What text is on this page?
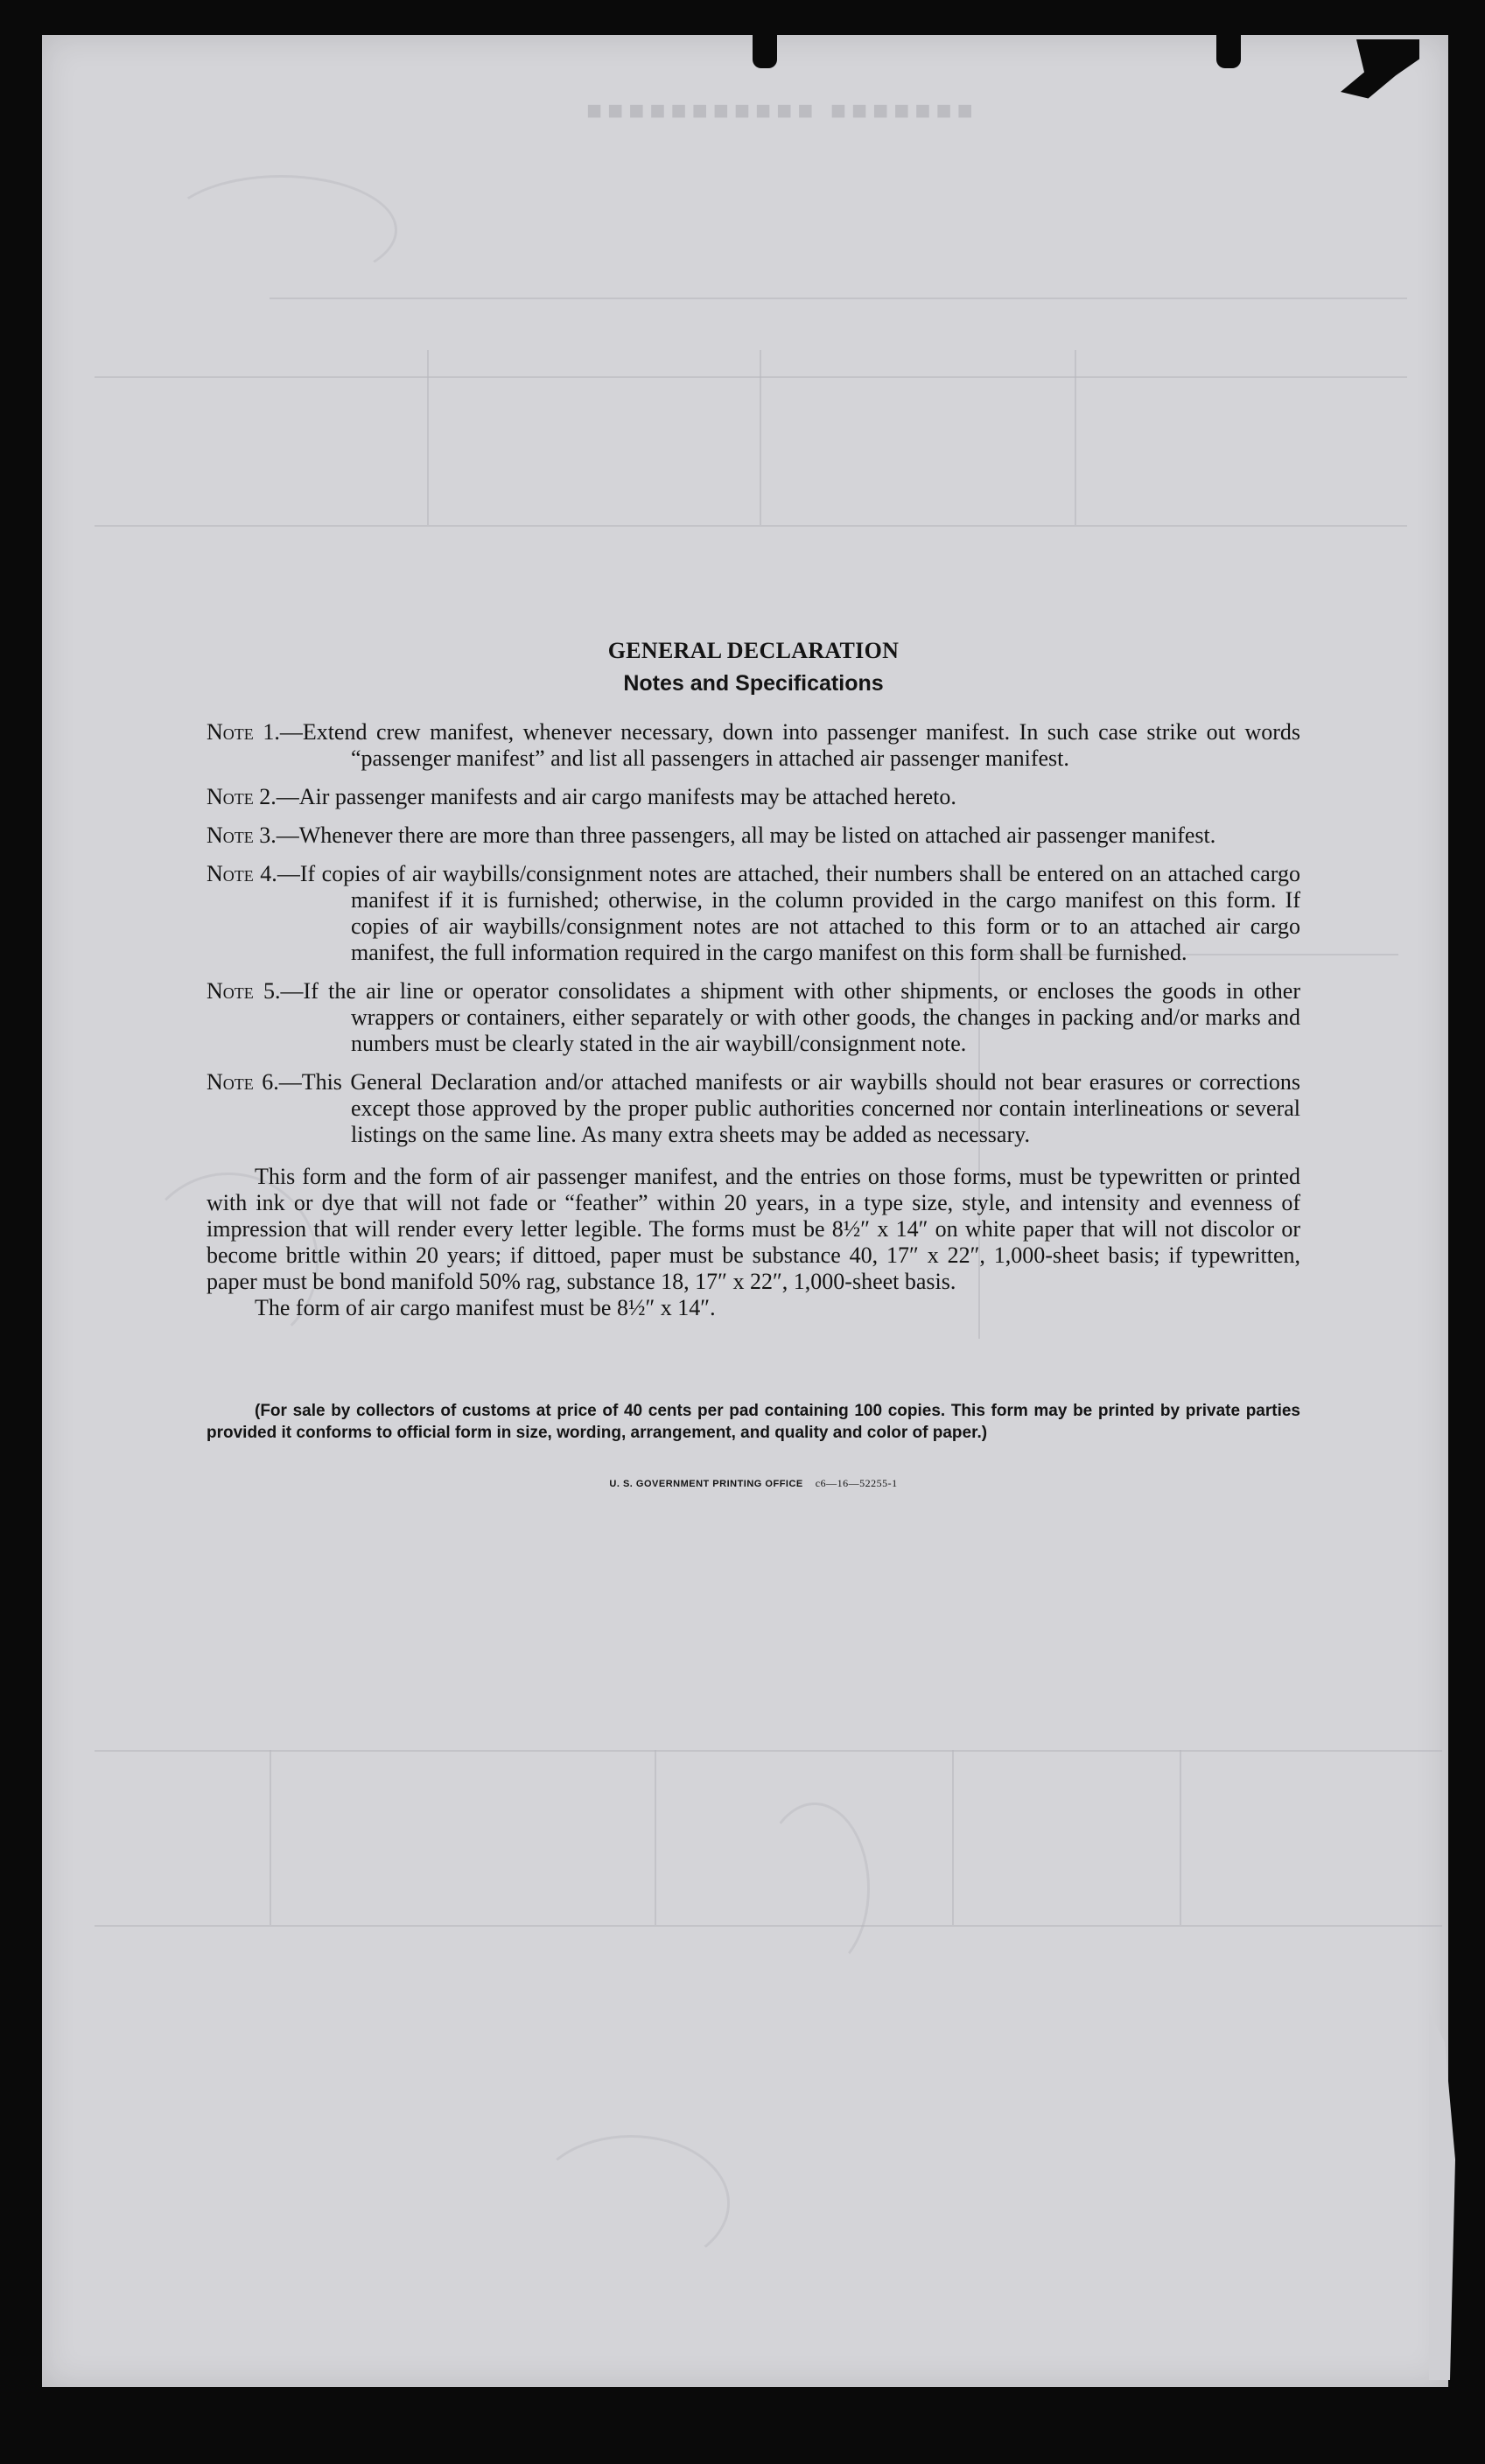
■■■■■■■ ■■■■■■■■■■■
GENERAL DECLARATION
Notes and Specifications
Note 1.—Extend crew manifest, whenever necessary, down into passenger manifest. In such case strike out words “passenger manifest” and list all passengers in attached air passenger manifest.
Note 2.—Air passenger manifests and air cargo manifests may be attached hereto.
Note 3.—Whenever there are more than three passengers, all may be listed on attached air passenger manifest.
Note 4.—If copies of air waybills/consignment notes are attached, their numbers shall be entered on an attached cargo manifest if it is furnished; otherwise, in the column provided in the cargo manifest on this form. If copies of air waybills/consignment notes are not attached to this form or to an attached air cargo manifest, the full information required in the cargo manifest on this form shall be furnished.
Note 5.—If the air line or operator consolidates a shipment with other shipments, or encloses the goods in other wrappers or containers, either separately or with other goods, the changes in packing and/or marks and numbers must be clearly stated in the air waybill/consignment note.
Note 6.—This General Declaration and/or attached manifests or air waybills should not bear erasures or corrections except those approved by the proper public authorities concerned nor contain interlineations or several listings on the same line. As many extra sheets may be added as necessary.

This form and the form of air passenger manifest, and the entries on those forms, must be typewritten or printed with ink or dye that will not fade or “feather” within 20 years, in a type size, style, and intensity and evenness of impression that will render every letter legible. The forms must be 8½″ x 14″ on white paper that will not discolor or become brittle within 20 years; if dittoed, paper must be substance 40, 17″ x 22″, 1,000-sheet basis; if typewritten, paper must be bond manifold 50% rag, substance 18, 17″ x 22″, 1,000-sheet basis.

The form of air cargo manifest must be 8½″ x 14″.

(For sale by collectors of customs at price of 40 cents per pad containing 100 copies. This form may be printed by private parties provided it conforms to official form in size, wording, arrangement, and quality and color of paper.)
U. S. GOVERNMENT PRINTING OFFICE c6—16—52255-1
